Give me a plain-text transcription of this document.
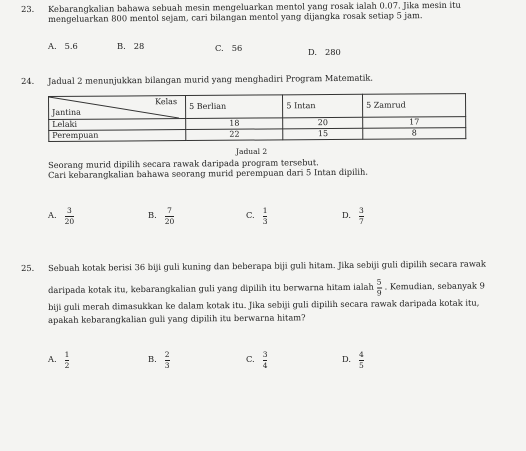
23. Kebarangkalian bahawa sebuah mesin mengeluarkan mentol yang rosak ialah 0.07. Jika mesin itu
mengeluarkan 800 mentol sejam, cari bilangan mentol yang dijangka rosak setiap 5 jam.
A. 5.6	B. 28	C. 56	D. 280
24. Jadual 2 menunjukkan bilangan murid yang menghadiri Program Matematik.
Kelas
Jantina	5 Berlian	5 Intan	5 Zamrud
Lelaki	18	20	17
Perempuan	22	15	8
Jadual 2
Seorang murid dipilih secara rawak daripada program tersebut.
Cari kebarangkalian bahawa seorang murid perempuan dari 5 Intan dipilih.
A. $\frac{3}{20}$	B. $\frac{7}{20}$	C. $\frac{1}{3}$	D. $\frac{3}{7}$
25. Sebuah kotak berisi 36 biji guli kuning dan beberapa biji guli hitam. Jika sebiji guli dipilih secara rawak
daripada kotak itu, kebarangkalian guli yang dipilih itu berwarna hitam ialah $\frac{5}{9}$ . Kemudian, sebanyak 9
biji guli merah dimasukkan ke dalam kotak itu. Jika sebiji guli dipilih secara rawak daripada kotak itu,
apakah kebarangkalian guli yang dipilih itu berwarna hitam?
A. $\frac{1}{2}$	B. $\frac{2}{3}$	C. $\frac{3}{4}$	D. $\frac{4}{5}$
